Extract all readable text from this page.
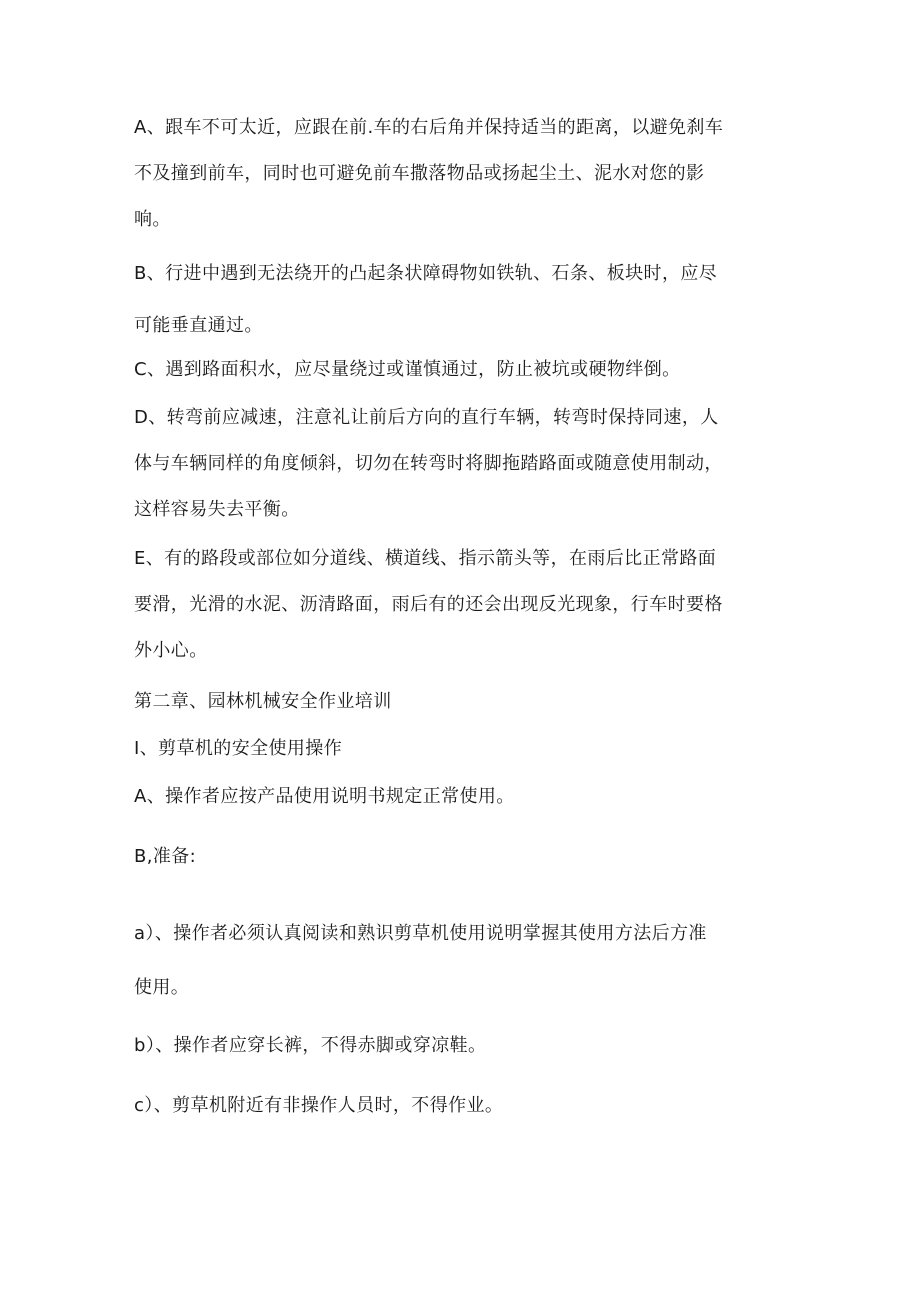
A、跟车不可太近，应跟在前.车的右后角并保持适当的距离，以避免刹车
不及撞到前车，同时也可避免前车撒落物品或扬起尘土、泥水对您的影
响。
B、行进中遇到无法绕开的凸起条状障碍物如铁轨、石条、板块时，应尽
可能垂直通过。
C、遇到路面积水，应尽量绕过或谨慎通过，防止被坑或硬物绊倒。
D、转弯前应减速，注意礼让前后方向的直行车辆，转弯时保持同速，人
体与车辆同样的角度倾斜，切勿在转弯时将脚拖踏路面或随意使用制动，
这样容易失去平衡。
E、有的路段或部位如分道线、横道线、指示箭头等，在雨后比正常路面
要滑，光滑的水泥、沥清路面，雨后有的还会出现反光现象，行车时要格
外小心。
第二章、园林机械安全作业培训
I、剪草机的安全使用操作
A、操作者应按产品使用说明书规定正常使用。
B,准备:
a）、操作者必须认真阅读和熟识剪草机使用说明掌握其使用方法后方准
使用。
b）、操作者应穿长裤，不得赤脚或穿凉鞋。
c）、剪草机附近有非操作人员时，不得作业。
